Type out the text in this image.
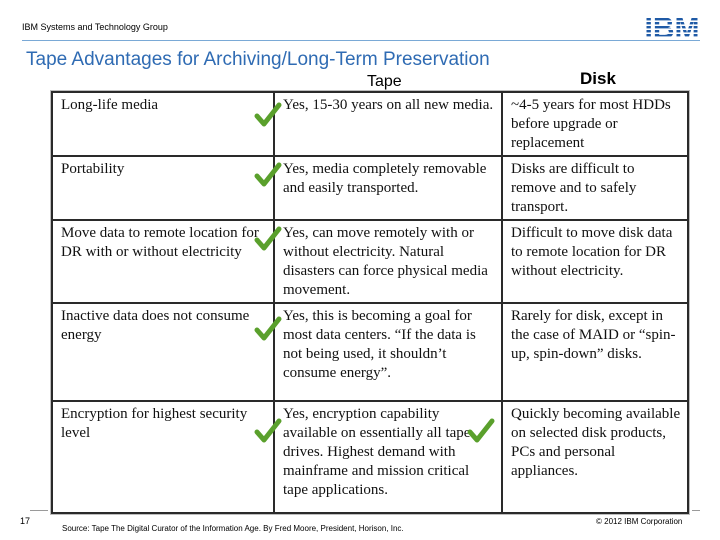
IBM Systems and Technology Group	IBM
Tape Advantages for Archiving/Long-Term Preservation
Tape	Disk
Long-life media	Yes, 15-30 years on all new media.	~4-5 years for most HDDs before upgrade or replacement
Portability	Yes, media completely removable and easily transported.	Disks are difficult to remove and to safely transport.
Move data to remote location for DR with or without electricity	Yes, can move remotely with or without electricity. Natural disasters can force physical media movement.	Difficult to move disk data to remote location for DR without electricity.
Inactive data does not consume energy	Yes, this is becoming a goal for most data centers. “If the data is not being used, it shouldn’t consume energy”.	Rarely for disk, except in the case of MAID or “spin-up, spin-down” disks.
Encryption for highest security level	Yes, encryption capability available on essentially all tape drives. Highest demand with mainframe and mission critical tape applications.	Quickly becoming available on selected disk products, PCs and personal appliances.
17
Source: Tape The Digital Curator of the Information Age. By Fred Moore, President, Horison, Inc.
© 2012 IBM Corporation
